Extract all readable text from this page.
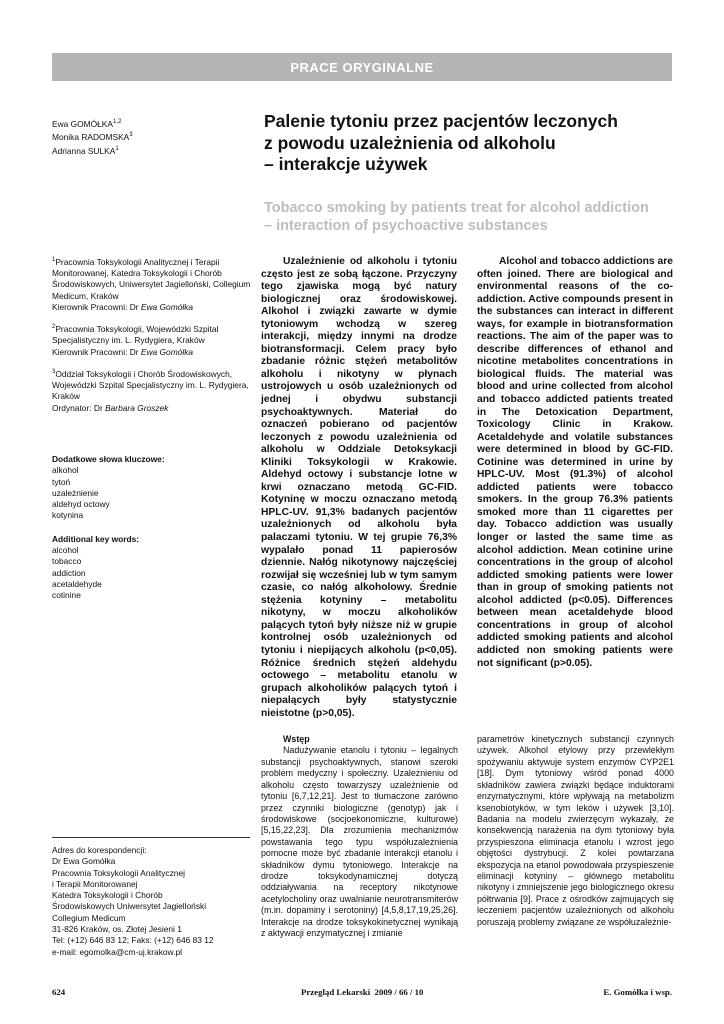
PRACE ORYGINALNE
Ewa GOMÓŁKA$^{1,2}$
Monika RADOMSKA$^3$
Adrianna SULKA$^1$
Palenie tytoniu przez pacjentów leczonych
z powodu uzależnienia od alkoholu
– interakcje używek
Tobacco smoking by patients treat for alcohol addiction
– interaction of psychoactive substances

$^1$Pracownia Toksykologii Analitycznej i Terapii Monitorowanej, Katedra Toksykologii i Chorób Środowiskowych, Uniwersytet Jagielloński, Collegium Medicum, Kraków
Kierownik Pracowni: Dr Ewa Gomółka

$^2$Pracownia Toksykologii, Wojewódzki Szpital Specjalistyczny im. L. Rydygiera, Kraków
Kierownik Pracowni: Dr Ewa Gomółka

$^3$Oddział Toksykologii i Chorób Środowiskowych, Wojewódzki Szpital Specjalistyczny im. L. Rydygiera, Kraków
Ordynator: Dr Barbara Groszek

Dodatkowe słowa kluczowe:
alkohol
tytoń
uzależnienie
aldehyd octowy
kotynina
Additional key words:
alcohol
tobacco
addiction
acetaldehyde
cotinine
Adres do korespondencji:
Dr Ewa Gomółka
Pracownia Toksykologii Analitycznej
i Terapii Monitorowanej
Katedra Toksykologii i Chorób
Środowiskowych Uniwersytet Jagielloński
Collegium Medicum
31-826 Kraków, os. Złotej Jesieni 1
Tel: (+12) 646 83 12; Faks: (+12) 646 83 12
e-mail: egomolka@cm-uj.krakow.pl
Uzależnienie od alkoholu i tytoniu często jest ze sobą łączone. Przyczyny tego zjawiska mogą być natury biologicznej oraz środowiskowej. Alkohol i związki zawarte w dymie tytoniowym wchodzą w szereg interakcji, między innymi na drodze biotransformacji. Celem pracy było zbadanie różnic stężeń metabolitów alkoholu i nikotyny w płynach ustrojowych u osób uzależnionych od jednej i obydwu substancji psychoaktywnych. Materiał do oznaczeń pobierano od pacjentów leczonych z powodu uzależnienia od alkoholu w Oddziale Detoksykacji Kliniki Toksykologii w Krakowie. Aldehyd octowy i substancje lotne w krwi oznaczano metodą GC-FID. Kotyninę w moczu oznaczano metodą HPLC-UV. 91,3% badanych pacjentów uzależnionych od alkoholu była palaczami tytoniu. W tej grupie 76,3% wypalało ponad 11 papierosów dziennie. Nałóg nikotynowy najczęściej rozwijał się wcześniej lub w tym samym czasie, co nałóg alkoholowy. Średnie stężenia kotyniny – metabolitu nikotyny, w moczu alkoholików palących tytoń były niższe niż w grupie kontrolnej osób uzależnionych od tytoniu i niepijących alkoholu (p<0,05). Różnice średnich stężeń aldehydu octowego – metabolitu etanolu w grupach alkoholików palących tytoń i niepalących były statystycznie nieistotne (p>0,05).
Alcohol and tobacco addictions are often joined. There are biological and environmental reasons of the co-addiction. Active compounds present in the substances can interact in different ways, for example in biotransformation reactions. The aim of the paper was to describe differences of ethanol and nicotine metabolites concentrations in biological fluids. The material was blood and urine collected from alcohol and tobacco addicted patients treated in The Detoxication Department, Toxicology Clinic in Krakow. Acetaldehyde and volatile substances were determined in blood by GC-FID. Cotinine was determined in urine by HPLC-UV. Most (91.3%) of alcohol addicted patients were tobacco smokers. In the group 76.3% patients smoked more than 11 cigarettes per day. Tobacco addiction was usually longer or lasted the same time as alcohol addiction. Mean cotinine urine concentrations in the group of alcohol addicted smoking patients were lower than in group of smoking patients not alcohol addicted (p<0.05). Differences between mean acetaldehyde blood concentrations in group of alcohol addicted smoking patients and alcohol addicted non smoking patients were not significant (p>0.05).
Wstęp
Nadużywanie etanolu i tytoniu – legalnych substancji psychoaktywnych, stanowi szeroki problem medyczny i społeczny. Uzależnieniu od alkoholu często towarzyszy uzależnienie od tytoniu [6,7,12,21]. Jest to tłumaczone zarówno przez czynniki biologiczne (genotyp) jak i środowiskowe (socjoekonomiczne, kulturowe) [5,15,22,23]. Dla zrozumienia mechanizmów powstawania tego typu współuzależnienia pomocne może być zbadanie interakcji etanolu i składników dymu tytoniowego. Interakcje na drodze toksykodynamicznej dotyczą oddziaływania na receptory nikotynowe acetylocholiny oraz uwalnianie neurotransmiterów (m.in. dopaminy i serotoniny) [4,5,8,17,19,25,26]. Interakcje na drodze toksykokinetycznej wynikają z aktywacji enzymatycznej i zmianie
parametrów kinetycznych substancji czynnych używek. Alkohol etylowy przy przewlekłym spożywaniu aktywuje system enzymów CYP2E1 [18]. Dym tytoniowy wśród ponad 4000 składników zawiera związki będące induktorami enzymatycznymi, które wpływają na metabolizm ksenobiotyków, w tym leków i używek [3,10]. Badania na modelu zwierzęcym wykazały, że konsekwencją narażenia na dym tytoniowy była przyspieszona eliminacja etanolu i wzrost jego objętości dystrybucji. Z kolei powtarzana ekspozycja na etanol powodowała przyspieszenie eliminacji kotyniny – głównego metabolitu nikotyny i zmniejszenie jego biologicznego okresu półtrwania [9]. Prace z ośrodków zajmujących się leczeniem pacjentów uzależnionych od alkoholu poruszają problemy związane ze współuzależnie-
624	Przegląd Lekarski  2009 / 66 / 10	E. Gomółka i wsp.
